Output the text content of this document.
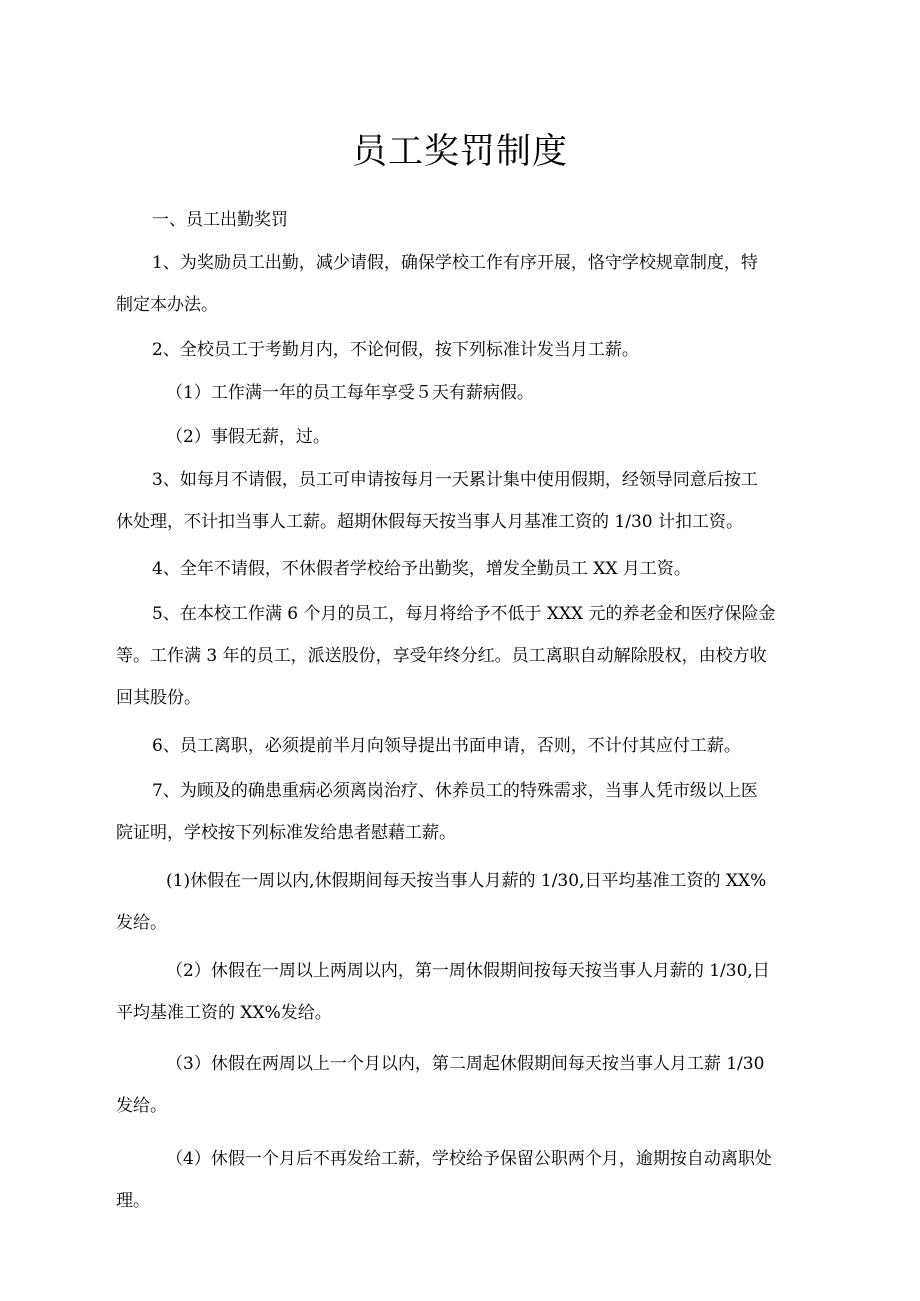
员工奖罚制度

一、员工出勤奖罚

1、为奖励员工出勤，减少请假，确保学校工作有序开展，恪守学校规章制度，特
制定本办法。

2、全校员工于考勤月内，不论何假，按下列标准计发当月工薪。

（1）工作满一年的员工每年享受５天有薪病假。

（2）事假无薪，过。

3、如每月不请假，员工可申请按每月一天累计集中使用假期，经领导同意后按工
休处理，不计扣当事人工薪。超期休假每天按当事人月基准工资的 1/30 计扣工资。

4、全年不请假，不休假者学校给予出勤奖，增发全勤员工 XX 月工资。

5、在本校工作满 6 个月的员工，每月将给予不低于 XXX 元的养老金和医疗保险金
等。工作满 3 年的员工，派送股份，享受年终分红。员工离职自动解除股权，由校方收
回其股份。

6、员工离职，必须提前半月向领导提出书面申请，否则，不计付其应付工薪。

7、为顾及的确患重病必须离岗治疗、休养员工的特殊需求，当事人凭市级以上医
院证明，学校按下列标准发给患者慰藉工薪。

(1)休假在一周以内,休假期间每天按当事人月薪的 1/30,日平均基准工资的 XX%
发给。

（2）休假在一周以上两周以内，第一周休假期间按每天按当事人月薪的 1/30,日
平均基准工资的 XX%发给。

（3）休假在两周以上一个月以内，第二周起休假期间每天按当事人月工薪 1/30
发给。

（4）休假一个月后不再发给工薪，学校给予保留公职两个月，逾期按自动离职处
理。
